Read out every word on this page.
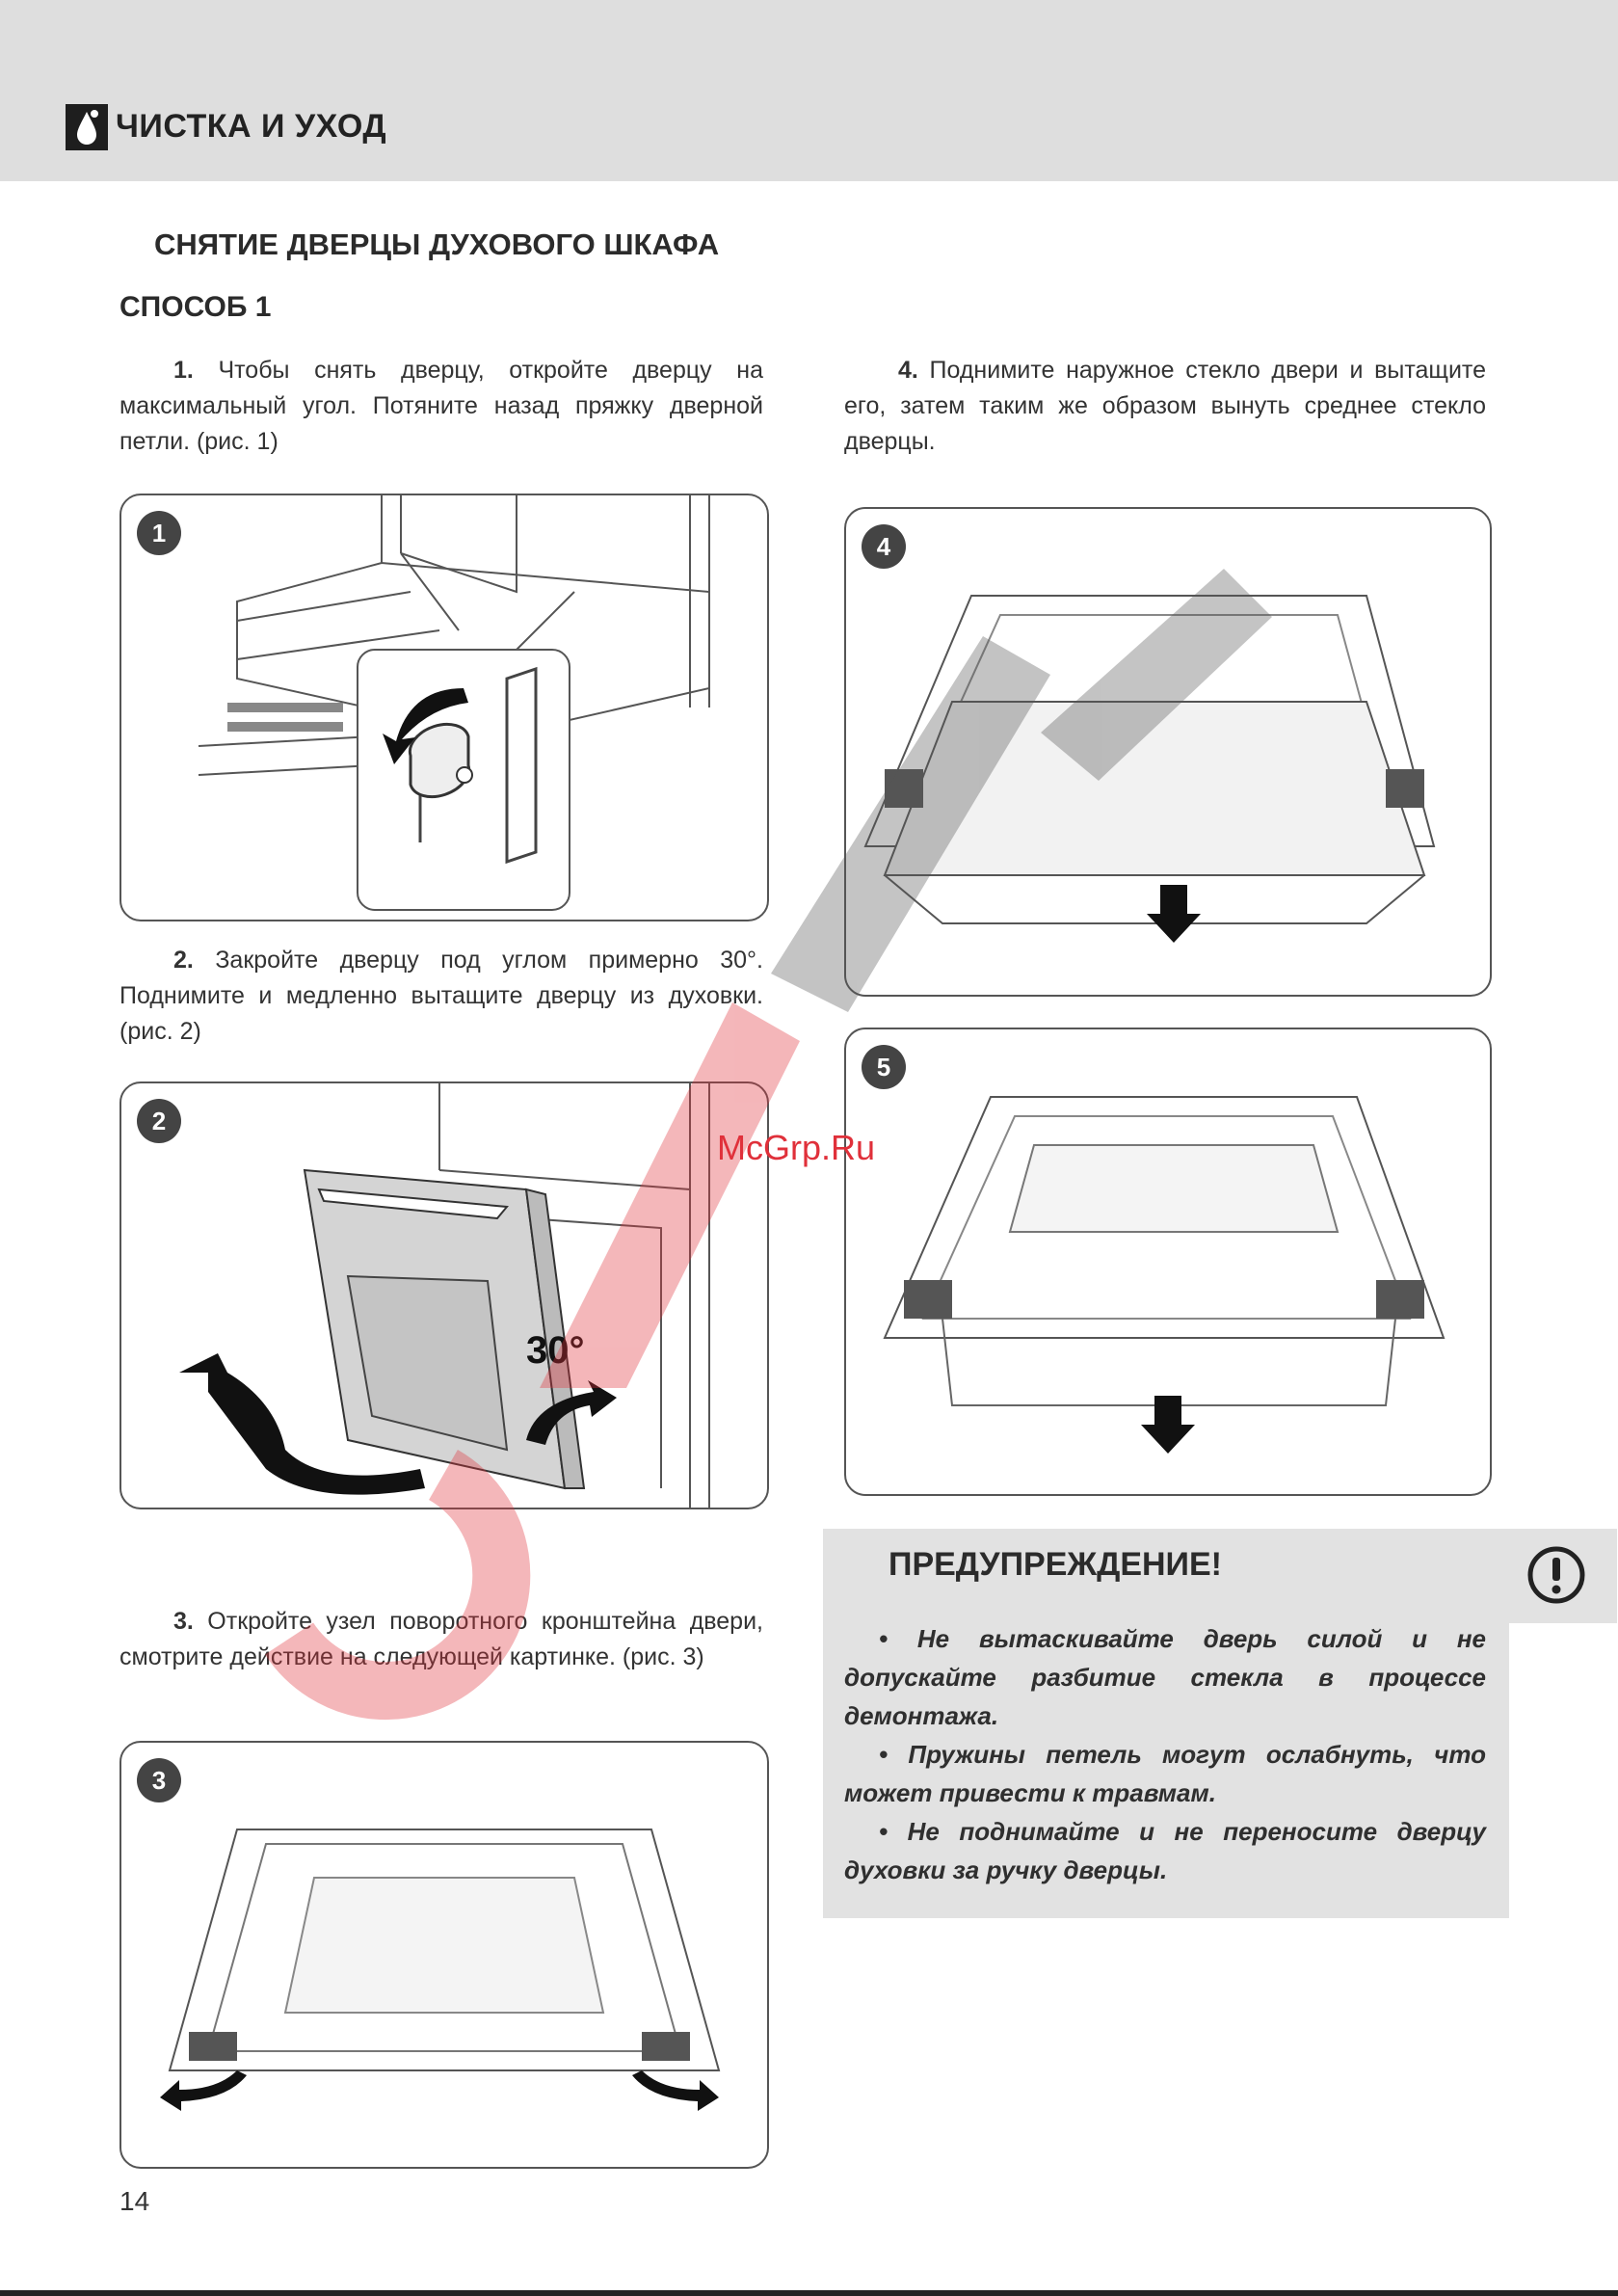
ЧИСТКА И УХОД
СНЯТИЕ ДВЕРЦЫ ДУХОВОГО ШКАФА
СПОСОБ 1
1. Чтобы снять дверцу, откройте дверцу на максимальный угол. Потяните назад пряжку дверной петли. (рис. 1)
1
2. Закройте дверцу под углом примерно 30°. Поднимите и медленно вытащите дверцу из духовки. (рис. 2)
2
30°
3. Откройте узел поворотного кронштейна двери, смотрите действие на следующей картинке. (рис. 3)
3
4. Поднимите наружное стекло двери и вытащите его, затем таким же образом вынуть среднее стекло дверцы.
4
5
ПРЕДУПРЕЖДЕНИЕ!

• Не вытаскивайте дверь силой и не допускайте разбитие стекла в процессе демонтажа.

• Пружины петель могут ослабнуть, что может привести к травмам.

• Не поднимайте и не переносите дверцу духовки за ручку дверцы.

14
McGrp.Ru
